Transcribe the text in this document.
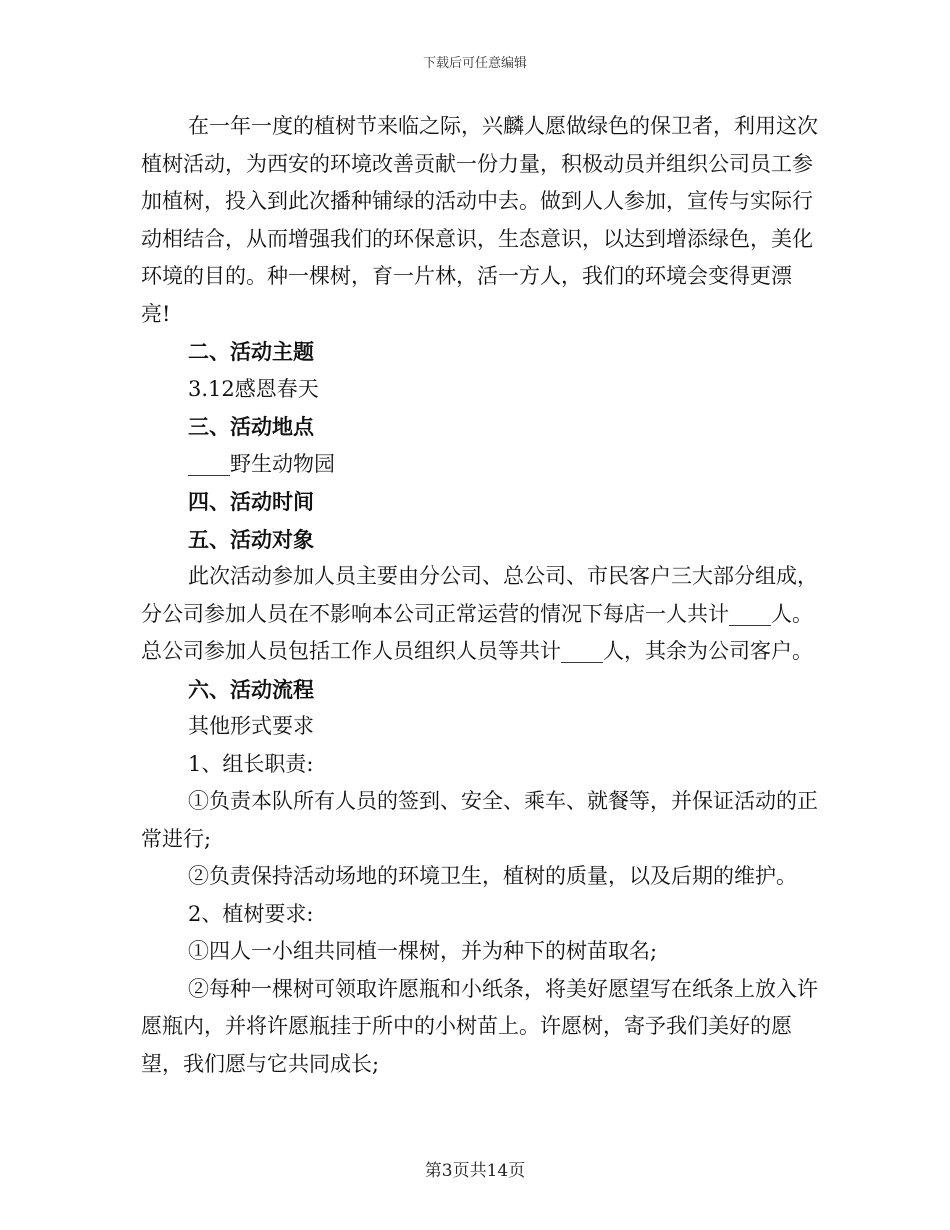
下载后可任意编辑

在一年一度的植树节来临之际，兴麟人愿做绿色的保卫者，利用这次植树活动，为西安的环境改善贡献一份力量，积极动员并组织公司员工参加植树，投入到此次播种铺绿的活动中去。做到人人参加，宣传与实际行动相结合，从而增强我们的环保意识，生态意识，以达到增添绿色，美化环境的目的。种一棵树，育一片林，活一方人，我们的环境会变得更漂亮!

二、活动主题

3.12感恩春天

三、活动地点

____野生动物园

四、活动时间

五、活动对象

此次活动参加人员主要由分公司、总公司、市民客户三大部分组成，分公司参加人员在不影响本公司正常运营的情况下每店一人共计____人。总公司参加人员包括工作人员组织人员等共计____人，其余为公司客户。

六、活动流程

其他形式要求

1、组长职责:

①负责本队所有人员的签到、安全、乘车、就餐等，并保证活动的正常进行;

②负责保持活动场地的环境卫生，植树的质量，以及后期的维护。

2、植树要求:

①四人一小组共同植一棵树，并为种下的树苗取名;

②每种一棵树可领取许愿瓶和小纸条，将美好愿望写在纸条上放入许愿瓶内，并将许愿瓶挂于所中的小树苗上。许愿树，寄予我们美好的愿望，我们愿与它共同成长;

第3页共14页
